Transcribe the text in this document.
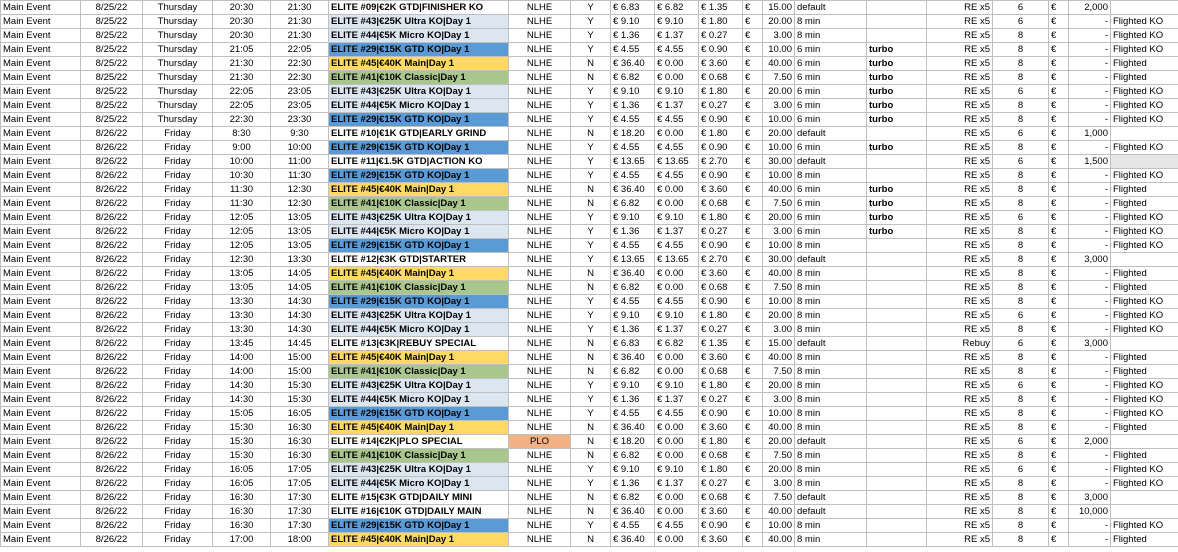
Main Event	8/25/22	Thursday	20:30	21:30	ELITE #09|€2K GTD|FINISHER KO	NLHE	Y	€ 6.83	€ 6.82	€ 1.35	€	15.00	default		RE x5	6	€	2,000	
Main Event	8/25/22	Thursday	20:30	21:30	ELITE #43|€25K Ultra KO|Day 1	NLHE	Y	€ 9.10	€ 9.10	€ 1.80	€	20.00	8 min		RE x5	6	€	-	Flighted KO
Main Event	8/25/22	Thursday	20:30	21:30	ELITE #44|€5K Micro KO|Day 1	NLHE	Y	€ 1.36	€ 1.37	€ 0.27	€	3.00	8 min		RE x5	8	€	-	Flighted KO
Main Event	8/25/22	Thursday	21:05	22:05	ELITE #29|€15K GTD KO|Day 1	NLHE	Y	€ 4.55	€ 4.55	€ 0.90	€	10.00	6 min	turbo	RE x5	8	€	-	Flighted KO
Main Event	8/25/22	Thursday	21:30	22:30	ELITE #45|€40K Main|Day 1	NLHE	N	€ 36.40	€ 0.00	€ 3.60	€	40.00	6 min	turbo	RE x5	8	€	-	Flighted
Main Event	8/25/22	Thursday	21:30	22:30	ELITE #41|€10K Classic|Day 1	NLHE	N	€ 6.82	€ 0.00	€ 0.68	€	7.50	6 min	turbo	RE x5	8	€	-	Flighted
Main Event	8/25/22	Thursday	22:05	23:05	ELITE #43|€25K Ultra KO|Day 1	NLHE	Y	€ 9.10	€ 9.10	€ 1.80	€	20.00	6 min	turbo	RE x5	6	€	-	Flighted KO
Main Event	8/25/22	Thursday	22:05	23:05	ELITE #44|€5K Micro KO|Day 1	NLHE	Y	€ 1.36	€ 1.37	€ 0.27	€	3.00	6 min	turbo	RE x5	8	€	-	Flighted KO
Main Event	8/25/22	Thursday	22:30	23:30	ELITE #29|€15K GTD KO|Day 1	NLHE	Y	€ 4.55	€ 4.55	€ 0.90	€	10.00	6 min	turbo	RE x5	8	€	-	Flighted KO
Main Event	8/26/22	Friday	8:30	9:30	ELITE #10|€1K GTD|EARLY GRIND	NLHE	N	€ 18.20	€ 0.00	€ 1.80	€	20.00	default		RE x5	6	€	1,000	
Main Event	8/26/22	Friday	9:00	10:00	ELITE #29|€15K GTD KO|Day 1	NLHE	Y	€ 4.55	€ 4.55	€ 0.90	€	10.00	6 min	turbo	RE x5	8	€	-	Flighted KO
Main Event	8/26/22	Friday	10:00	11:00	ELITE #11|€1.5K GTD|ACTION KO	NLHE	Y	€ 13.65	€ 13.65	€ 2.70	€	30.00	default		RE x5	6	€	1,500	
Main Event	8/26/22	Friday	10:30	11:30	ELITE #29|€15K GTD KO|Day 1	NLHE	Y	€ 4.55	€ 4.55	€ 0.90	€	10.00	8 min		RE x5	8	€	-	Flighted KO
Main Event	8/26/22	Friday	11:30	12:30	ELITE #45|€40K Main|Day 1	NLHE	N	€ 36.40	€ 0.00	€ 3.60	€	40.00	6 min	turbo	RE x5	8	€	-	Flighted
Main Event	8/26/22	Friday	11:30	12:30	ELITE #41|€10K Classic|Day 1	NLHE	N	€ 6.82	€ 0.00	€ 0.68	€	7.50	6 min	turbo	RE x5	8	€	-	Flighted
Main Event	8/26/22	Friday	12:05	13:05	ELITE #43|€25K Ultra KO|Day 1	NLHE	Y	€ 9.10	€ 9.10	€ 1.80	€	20.00	6 min	turbo	RE x5	6	€	-	Flighted KO
Main Event	8/26/22	Friday	12:05	13:05	ELITE #44|€5K Micro KO|Day 1	NLHE	Y	€ 1.36	€ 1.37	€ 0.27	€	3.00	6 min	turbo	RE x5	8	€	-	Flighted KO
Main Event	8/26/22	Friday	12:05	13:05	ELITE #29|€15K GTD KO|Day 1	NLHE	Y	€ 4.55	€ 4.55	€ 0.90	€	10.00	8 min		RE x5	8	€	-	Flighted KO
Main Event	8/26/22	Friday	12:30	13:30	ELITE #12|€3K GTD|STARTER	NLHE	Y	€ 13.65	€ 13.65	€ 2.70	€	30.00	default		RE x5	8	€	3,000	
Main Event	8/26/22	Friday	13:05	14:05	ELITE #45|€40K Main|Day 1	NLHE	N	€ 36.40	€ 0.00	€ 3.60	€	40.00	8 min		RE x5	8	€	-	Flighted
Main Event	8/26/22	Friday	13:05	14:05	ELITE #41|€10K Classic|Day 1	NLHE	N	€ 6.82	€ 0.00	€ 0.68	€	7.50	8 min		RE x5	8	€	-	Flighted
Main Event	8/26/22	Friday	13:30	14:30	ELITE #29|€15K GTD KO|Day 1	NLHE	Y	€ 4.55	€ 4.55	€ 0.90	€	10.00	8 min		RE x5	8	€	-	Flighted KO
Main Event	8/26/22	Friday	13:30	14:30	ELITE #43|€25K Ultra KO|Day 1	NLHE	Y	€ 9.10	€ 9.10	€ 1.80	€	20.00	8 min		RE x5	6	€	-	Flighted KO
Main Event	8/26/22	Friday	13:30	14:30	ELITE #44|€5K Micro KO|Day 1	NLHE	Y	€ 1.36	€ 1.37	€ 0.27	€	3.00	8 min		RE x5	8	€	-	Flighted KO
Main Event	8/26/22	Friday	13:45	14:45	ELITE #13|€3K|REBUY SPECIAL	NLHE	N	€ 6.83	€ 6.82	€ 1.35	€	15.00	default		Rebuy	6	€	3,000	
Main Event	8/26/22	Friday	14:00	15:00	ELITE #45|€40K Main|Day 1	NLHE	N	€ 36.40	€ 0.00	€ 3.60	€	40.00	8 min		RE x5	8	€	-	Flighted
Main Event	8/26/22	Friday	14:00	15:00	ELITE #41|€10K Classic|Day 1	NLHE	N	€ 6.82	€ 0.00	€ 0.68	€	7.50	8 min		RE x5	8	€	-	Flighted
Main Event	8/26/22	Friday	14:30	15:30	ELITE #43|€25K Ultra KO|Day 1	NLHE	Y	€ 9.10	€ 9.10	€ 1.80	€	20.00	8 min		RE x5	6	€	-	Flighted KO
Main Event	8/26/22	Friday	14:30	15:30	ELITE #44|€5K Micro KO|Day 1	NLHE	Y	€ 1.36	€ 1.37	€ 0.27	€	3.00	8 min		RE x5	8	€	-	Flighted KO
Main Event	8/26/22	Friday	15:05	16:05	ELITE #29|€15K GTD KO|Day 1	NLHE	Y	€ 4.55	€ 4.55	€ 0.90	€	10.00	8 min		RE x5	8	€	-	Flighted KO
Main Event	8/26/22	Friday	15:30	16:30	ELITE #45|€40K Main|Day 1	NLHE	N	€ 36.40	€ 0.00	€ 3.60	€	40.00	8 min		RE x5	8	€	-	Flighted
Main Event	8/26/22	Friday	15:30	16:30	ELITE #14|€2K|PLO SPECIAL	PLO	N	€ 18.20	€ 0.00	€ 1.80	€	20.00	default		RE x5	6	€	2,000	
Main Event	8/26/22	Friday	15:30	16:30	ELITE #41|€10K Classic|Day 1	NLHE	N	€ 6.82	€ 0.00	€ 0.68	€	7.50	8 min		RE x5	8	€	-	Flighted
Main Event	8/26/22	Friday	16:05	17:05	ELITE #43|€25K Ultra KO|Day 1	NLHE	Y	€ 9.10	€ 9.10	€ 1.80	€	20.00	8 min		RE x5	6	€	-	Flighted KO
Main Event	8/26/22	Friday	16:05	17:05	ELITE #44|€5K Micro KO|Day 1	NLHE	Y	€ 1.36	€ 1.37	€ 0.27	€	3.00	8 min		RE x5	8	€	-	Flighted KO
Main Event	8/26/22	Friday	16:30	17:30	ELITE #15|€3K GTD|DAILY MINI	NLHE	N	€ 6.82	€ 0.00	€ 0.68	€	7.50	default		RE x5	8	€	3,000	
Main Event	8/26/22	Friday	16:30	17:30	ELITE #16|€10K GTD|DAILY MAIN	NLHE	N	€ 36.40	€ 0.00	€ 3.60	€	40.00	default		RE x5	8	€	10,000	
Main Event	8/26/22	Friday	16:30	17:30	ELITE #29|€15K GTD KO|Day 1	NLHE	Y	€ 4.55	€ 4.55	€ 0.90	€	10.00	8 min		RE x5	8	€	-	Flighted KO
Main Event	8/26/22	Friday	17:00	18:00	ELITE #45|€40K Main|Day 1	NLHE	N	€ 36.40	€ 0.00	€ 3.60	€	40.00	8 min		RE x5	8	€	-	Flighted
